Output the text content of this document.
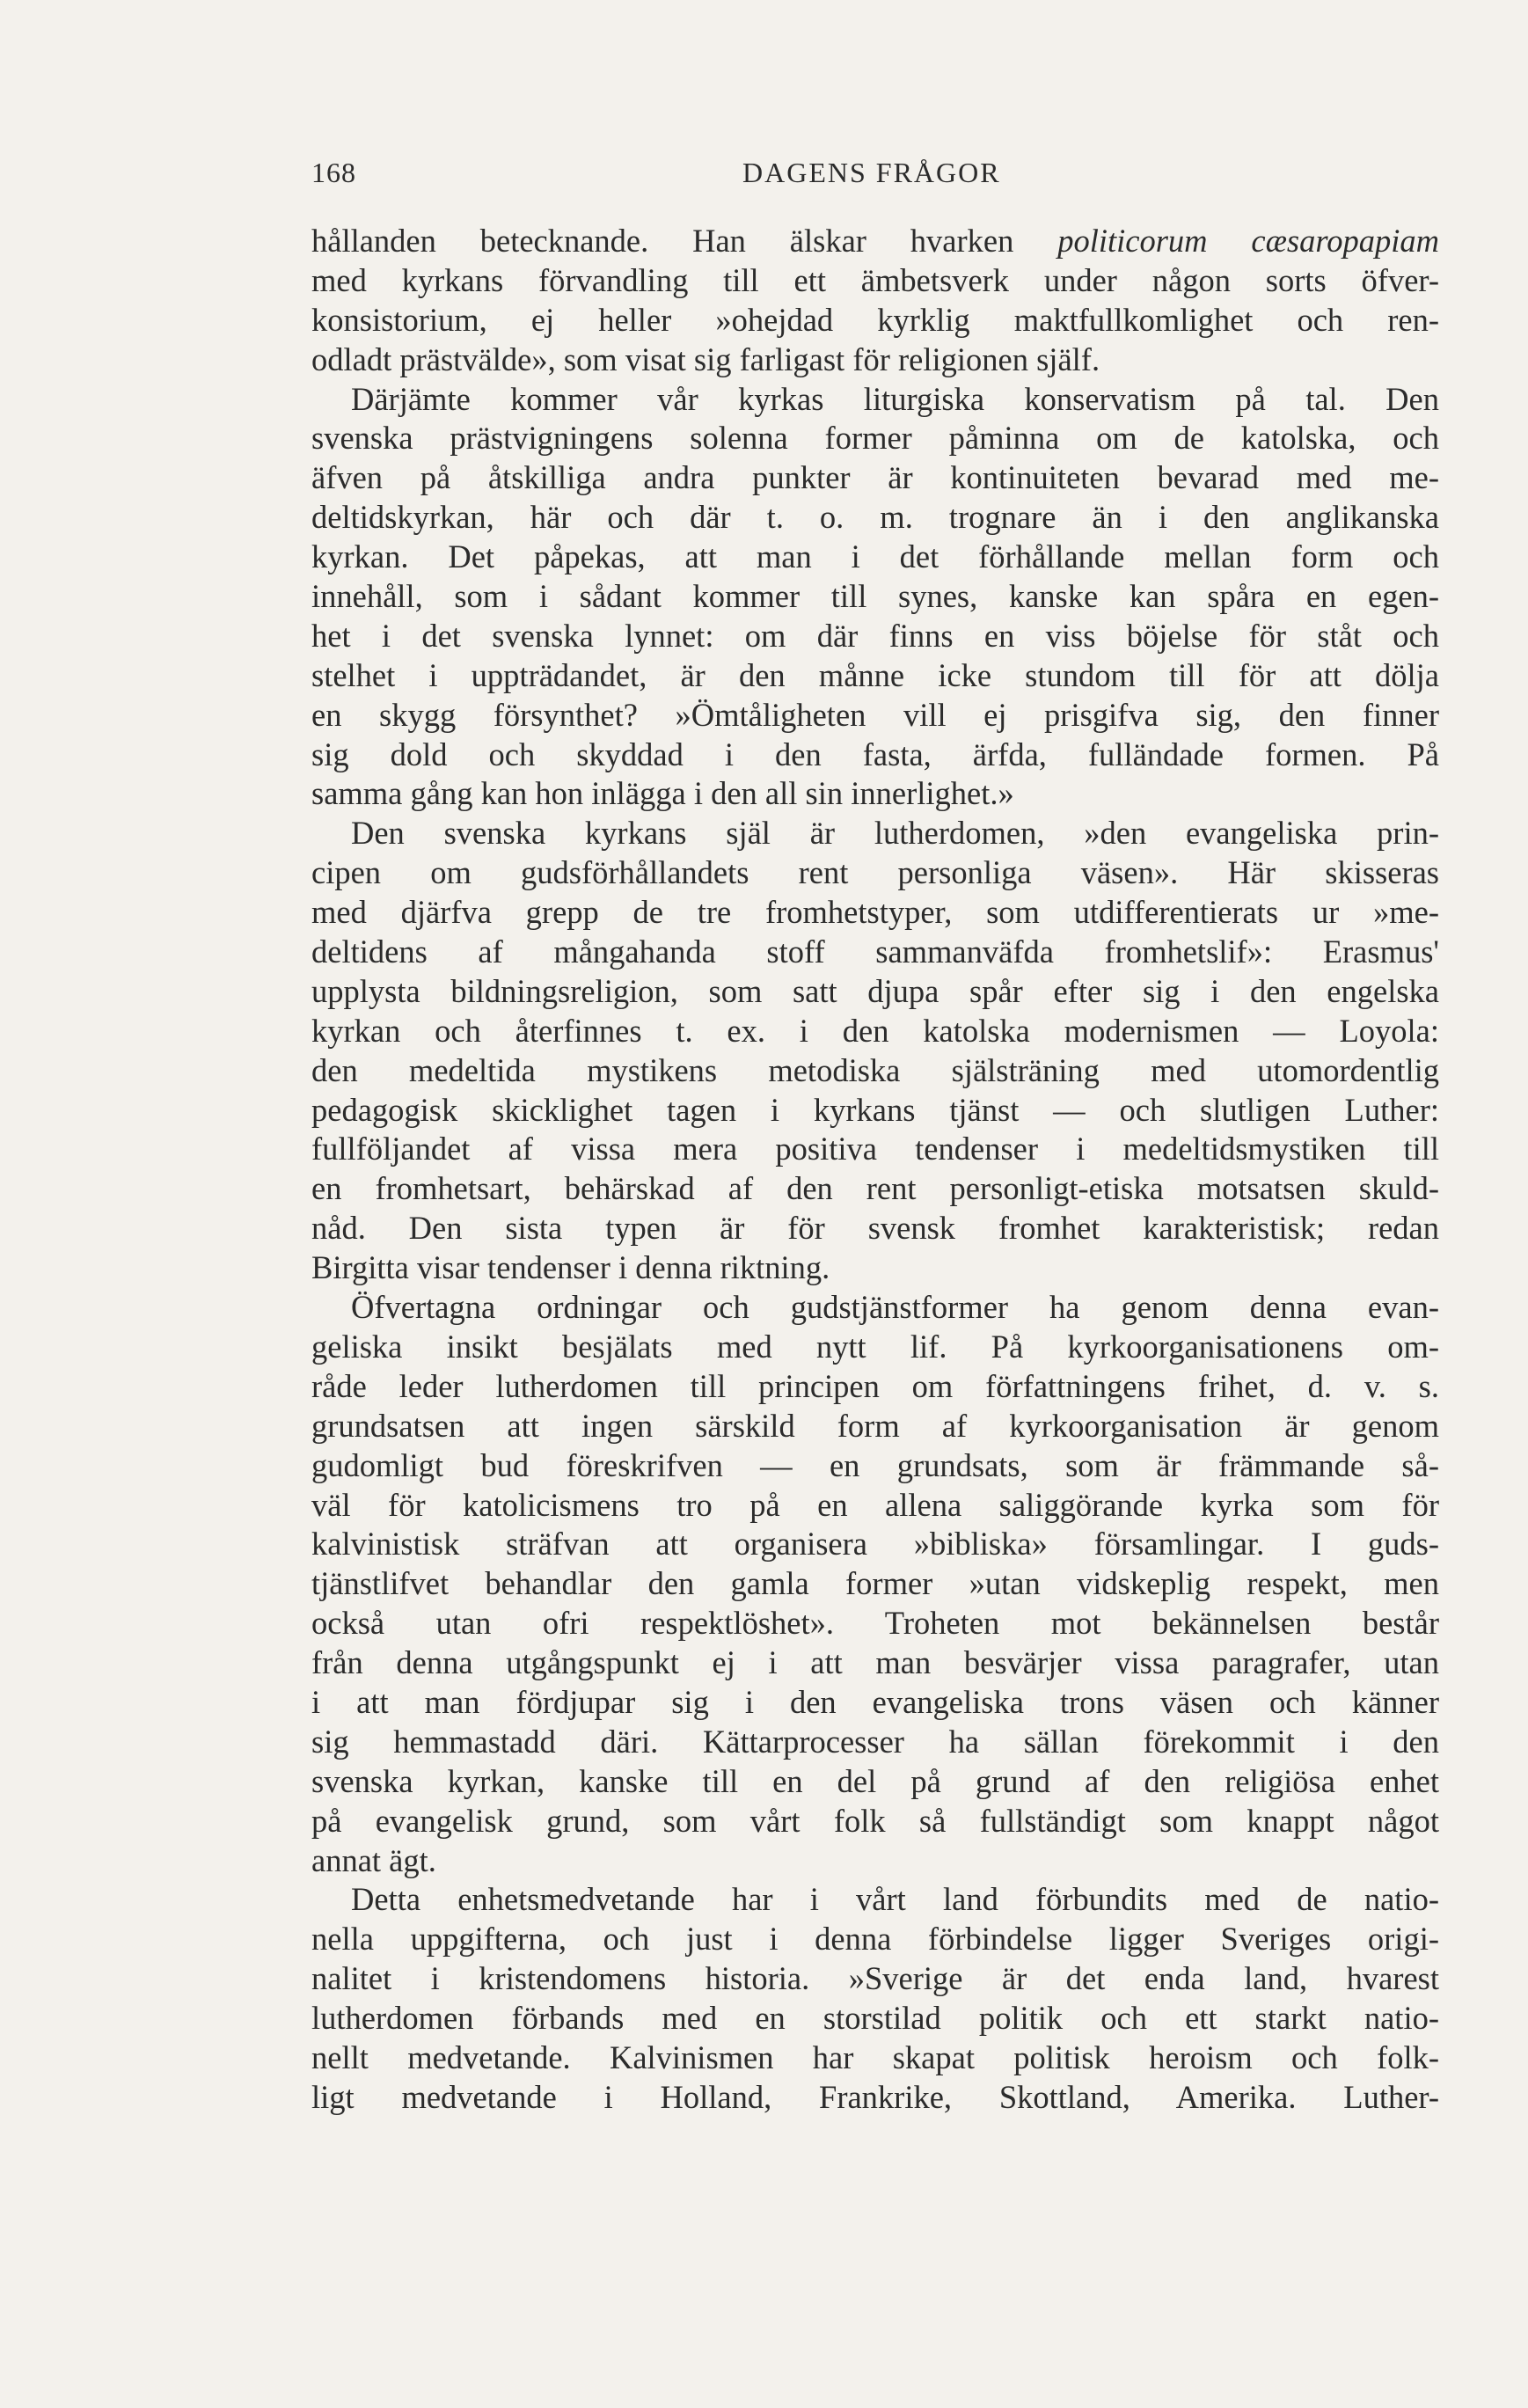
168	DAGENS FRÅGOR
hållanden betecknande. Han älskar hvarken politicorum cæsaropapiam
med kyrkans förvandling till ett ämbetsverk under någon sorts öfver-
konsistorium, ej heller »ohejdad kyrklig maktfullkomlighet och ren-
odladt prästvälde», som visat sig farligast för religionen själf.
Därjämte kommer vår kyrkas liturgiska konservatism på tal. Den
svenska prästvigningens solenna former påminna om de katolska, och
äfven på åtskilliga andra punkter är kontinuiteten bevarad med me-
deltidskyrkan, här och där t. o. m. trognare än i den anglikanska
kyrkan. Det påpekas, att man i det förhållande mellan form och
innehåll, som i sådant kommer till synes, kanske kan spåra en egen-
het i det svenska lynnet: om där finns en viss böjelse för ståt och
stelhet i uppträdandet, är den månne icke stundom till för att dölja
en skygg försynthet? »Ömtåligheten vill ej prisgifva sig, den finner
sig dold och skyddad i den fasta, ärfda, fulländade formen. På
samma gång kan hon inlägga i den all sin innerlighet.»
Den svenska kyrkans själ är lutherdomen, »den evangeliska prin-
cipen om gudsförhållandets rent personliga väsen». Här skisseras
med djärfva grepp de tre fromhetstyper, som utdifferentierats ur »me-
deltidens af mångahanda stoff sammanväfda fromhetslif»: Erasmus'
upplysta bildningsreligion, som satt djupa spår efter sig i den engelska
kyrkan och återfinnes t. ex. i den katolska modernismen — Loyola:
den medeltida mystikens metodiska själsträning med utomordentlig
pedagogisk skicklighet tagen i kyrkans tjänst — och slutligen Luther:
fullföljandet af vissa mera positiva tendenser i medeltidsmystiken till
en fromhetsart, behärskad af den rent personligt-etiska motsatsen skuld-
nåd. Den sista typen är för svensk fromhet karakteristisk; redan
Birgitta visar tendenser i denna riktning.
Öfvertagna ordningar och gudstjänstformer ha genom denna evan-
geliska insikt besjälats med nytt lif. På kyrkoorganisationens om-
råde leder lutherdomen till principen om författningens frihet, d. v. s.
grundsatsen att ingen särskild form af kyrkoorganisation är genom
gudomligt bud föreskrifven — en grundsats, som är främmande så-
väl för katolicismens tro på en allena saliggörande kyrka som för
kalvinistisk sträfvan att organisera »bibliska» församlingar. I guds-
tjänstlifvet behandlar den gamla former »utan vidskeplig respekt, men
också utan ofri respektlöshet». Troheten mot bekännelsen består
från denna utgångspunkt ej i att man besvärjer vissa paragrafer, utan
i att man fördjupar sig i den evangeliska trons väsen och känner
sig hemmastadd däri. Kättarprocesser ha sällan förekommit i den
svenska kyrkan, kanske till en del på grund af den religiösa enhet
på evangelisk grund, som vårt folk så fullständigt som knappt något
annat ägt.
Detta enhetsmedvetande har i vårt land förbundits med de natio-
nella uppgifterna, och just i denna förbindelse ligger Sveriges origi-
nalitet i kristendomens historia. »Sverige är det enda land, hvarest
lutherdomen förbands med en storstilad politik och ett starkt natio-
nellt medvetande. Kalvinismen har skapat politisk heroism och folk-
ligt medvetande i Holland, Frankrike, Skottland, Amerika. Luther-
